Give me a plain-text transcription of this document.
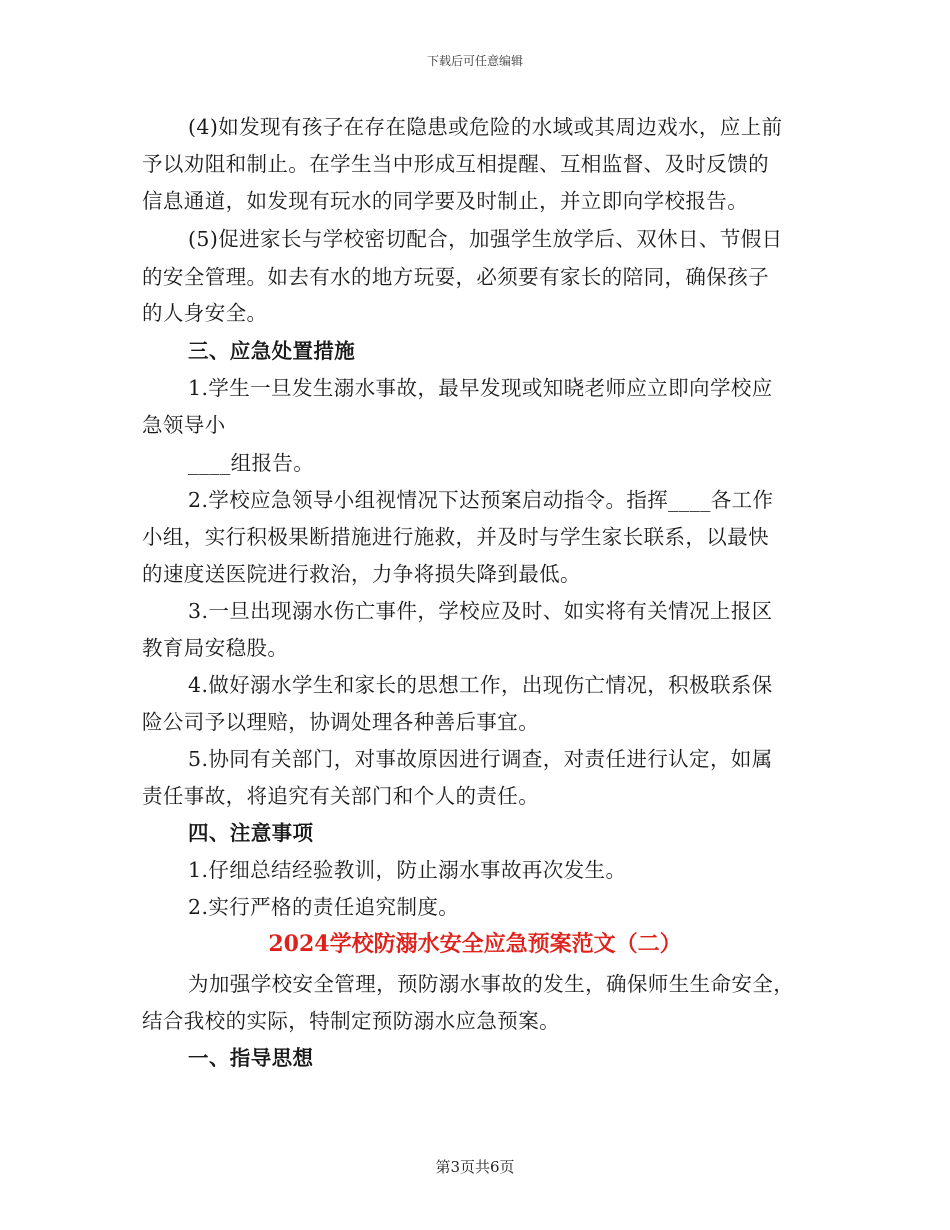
下载后可任意编辑
(4)如发现有孩子在存在隐患或危险的水域或其周边戏水，应上前
予以劝阻和制止。在学生当中形成互相提醒、互相监督、及时反馈的
信息通道，如发现有玩水的同学要及时制止，并立即向学校报告。
(5)促进家长与学校密切配合，加强学生放学后、双休日、节假日
的安全管理。如去有水的地方玩耍，必须要有家长的陪同，确保孩子
的人身安全。
三、应急处置措施
1.学生一旦发生溺水事故，最早发现或知晓老师应立即向学校应
急领导小
____组报告。
2.学校应急领导小组视情况下达预案启动指令。指挥____各工作
小组，实行积极果断措施进行施救，并及时与学生家长联系，以最快
的速度送医院进行救治，力争将损失降到最低。
3.一旦出现溺水伤亡事件，学校应及时、如实将有关情况上报区
教育局安稳股。
4.做好溺水学生和家长的思想工作，出现伤亡情况，积极联系保
险公司予以理赔，协调处理各种善后事宜。
5.协同有关部门，对事故原因进行调查，对责任进行认定，如属
责任事故，将追究有关部门和个人的责任。
四、注意事项
1.仔细总结经验教训，防止溺水事故再次发生。
2.实行严格的责任追究制度。
2024学校防溺水安全应急预案范文（二）
为加强学校安全管理，预防溺水事故的发生，确保师生生命安全，
结合我校的实际，特制定预防溺水应急预案。
一、指导思想
第3页共6页
